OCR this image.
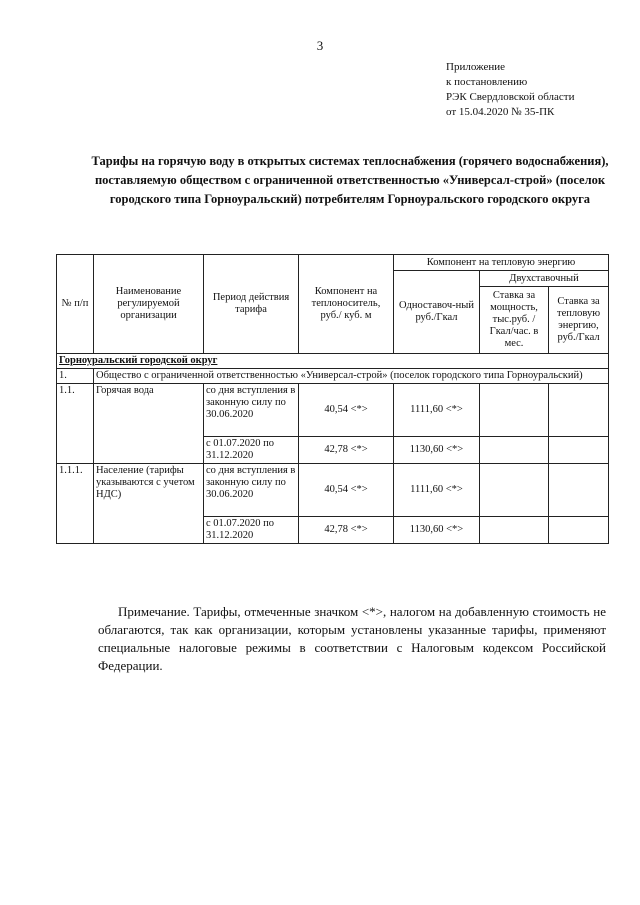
3
Приложение
к постановлению
РЭК Свердловской области
от 15.04.2020 № 35-ПК
Тарифы на горячую воду в открытых системах теплоснабжения (горячего водоснабжения), поставляемую обществом с ограниченной ответственностью «Универсал-строй» (поселок городского типа Горноуральский) потребителям Горноуральского городского округа
№ п/п	Наименование регулируемой организации	Период действия тарифа	Компонент на теплоноситель, руб./ куб. м	Компонент на тепловую энергию		
				Одноставоч-ный руб./Гкал	Двухставочный	
					Ставка за мощность, тыс.руб. /Гкал/час. в мес.	Ставка за тепловую энергию, руб./Гкал
Горноуральский городской округ						
1.	Общество с ограниченной ответственностью «Универсал-строй» (поселок городского типа Горноуральский)					
1.1.	Горячая вода	со дня вступления в законную силу по 30.06.2020	40,54 <*>	1111,60 <*>		
		с 01.07.2020 по 31.12.2020	42,78 <*>	1130,60 <*>		
1.1.1.	Население (тарифы указываются с учетом НДС)	со дня вступления в законную силу по 30.06.2020	40,54 <*>	1111,60 <*>		
		с 01.07.2020 по 31.12.2020	42,78 <*>	1130,60 <*>		
Примечание. Тарифы, отмеченные значком <*>, налогом на добавленную стоимость не облагаются, так как организации, которым установлены указанные тарифы, применяют специальные налоговые режимы в соответствии с Налоговым кодексом Российской Федерации.
